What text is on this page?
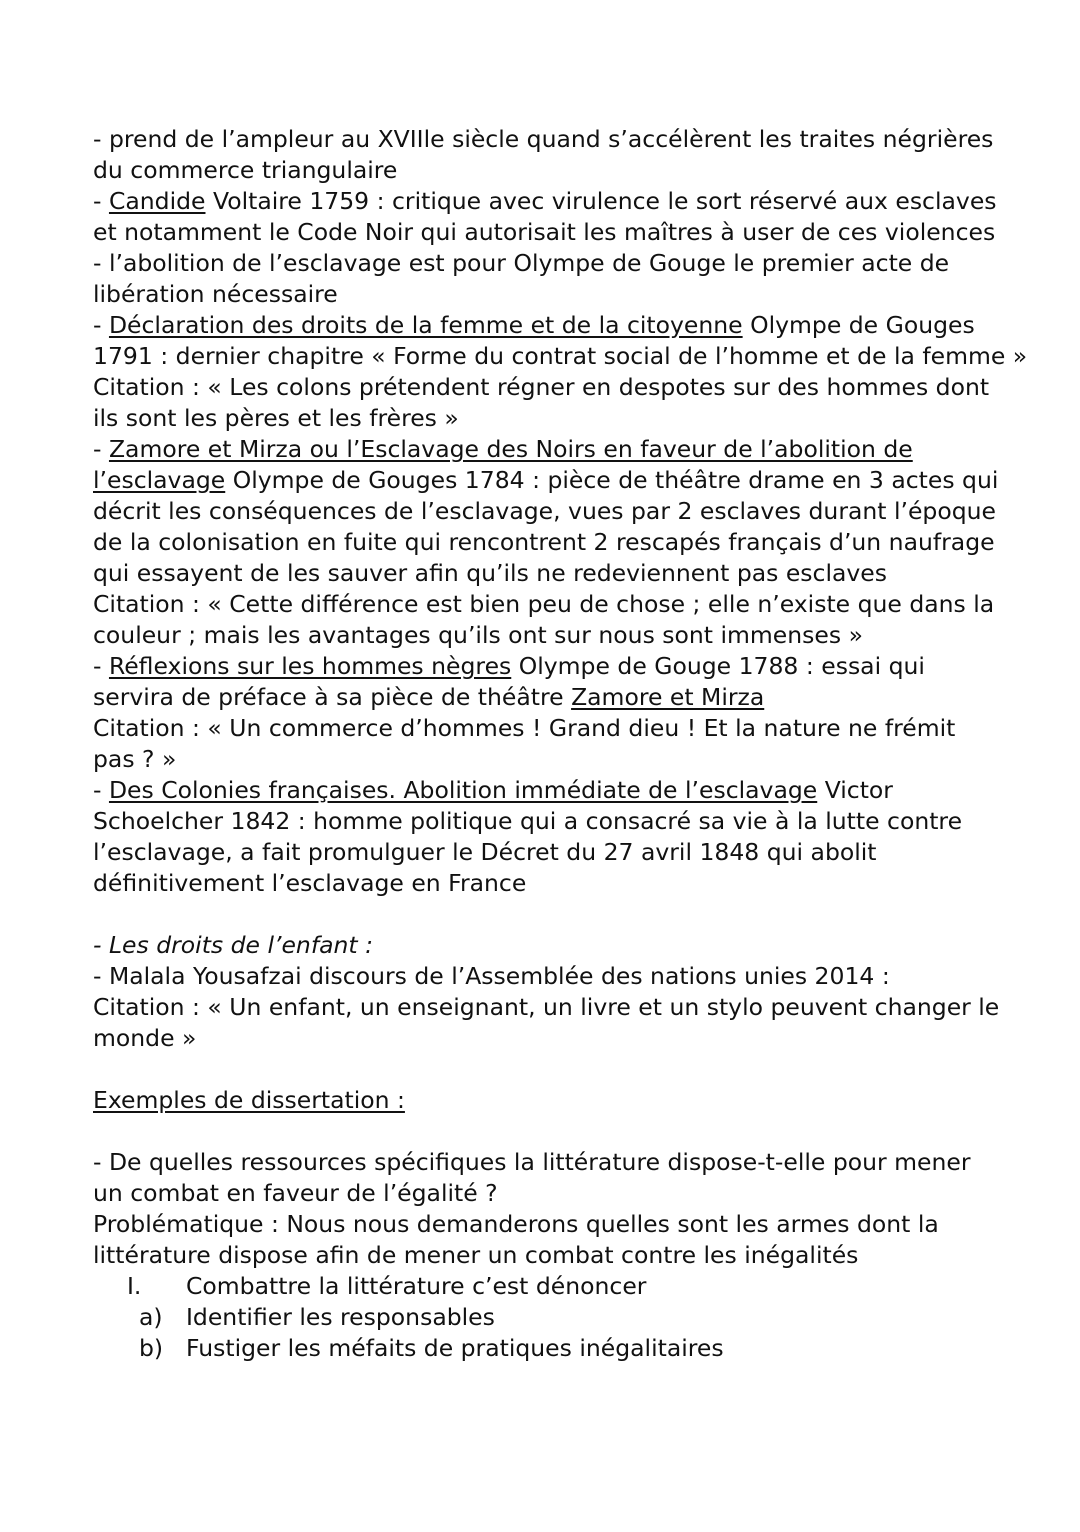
- prend de l’ampleur au XVIIle siècle quand s’accélèrent les traites négrières
du commerce triangulaire
- Candide Voltaire 1759 : critique avec virulence le sort réservé aux esclaves
et notamment le Code Noir qui autorisait les maîtres à user de ces violences
- l’abolition de l’esclavage est pour Olympe de Gouge le premier acte de
libération nécessaire
- Déclaration des droits de la femme et de la citoyenne Olympe de Gouges
1791 : dernier chapitre « Forme du contrat social de l’homme et de la femme »
Citation : « Les colons prétendent régner en despotes sur des hommes dont
ils sont les pères et les frères »
- Zamore et Mirza ou l’Esclavage des Noirs en faveur de l’abolition de
l’esclavage Olympe de Gouges 1784 : pièce de théâtre drame en 3 actes qui
décrit les conséquences de l’esclavage, vues par 2 esclaves durant l’époque
de la colonisation en fuite qui rencontrent 2 rescapés français d’un naufrage
qui essayent de les sauver afin qu’ils ne redeviennent pas esclaves
Citation : « Cette différence est bien peu de chose ; elle n’existe que dans la
couleur ; mais les avantages qu’ils ont sur nous sont immenses »
- Réflexions sur les hommes nègres Olympe de Gouge 1788 : essai qui
servira de préface à sa pièce de théâtre Zamore et Mirza
Citation : « Un commerce d’hommes ! Grand dieu ! Et la nature ne frémit
pas ? »
- Des Colonies françaises. Abolition immédiate de l’esclavage Victor
Schoelcher 1842 : homme politique qui a consacré sa vie à la lutte contre
l’esclavage, a fait promulguer le Décret du 27 avril 1848 qui abolit
définitivement l’esclavage en France
- Les droits de l’enfant :
- Malala Yousafzai discours de l’Assemblée des nations unies 2014 :
Citation : « Un enfant, un enseignant, un livre et un stylo peuvent changer le
monde »
Exemples de dissertation :
- De quelles ressources spécifiques la littérature dispose-t-elle pour mener
un combat en faveur de l’égalité ?
Problématique : Nous nous demanderons quelles sont les armes dont la
littérature dispose afin de mener un combat contre les inégalités
I.	Combattre la littérature c’est dénoncer
a) Identifier les responsables
b) Fustiger les méfaits de pratiques inégalitaires
